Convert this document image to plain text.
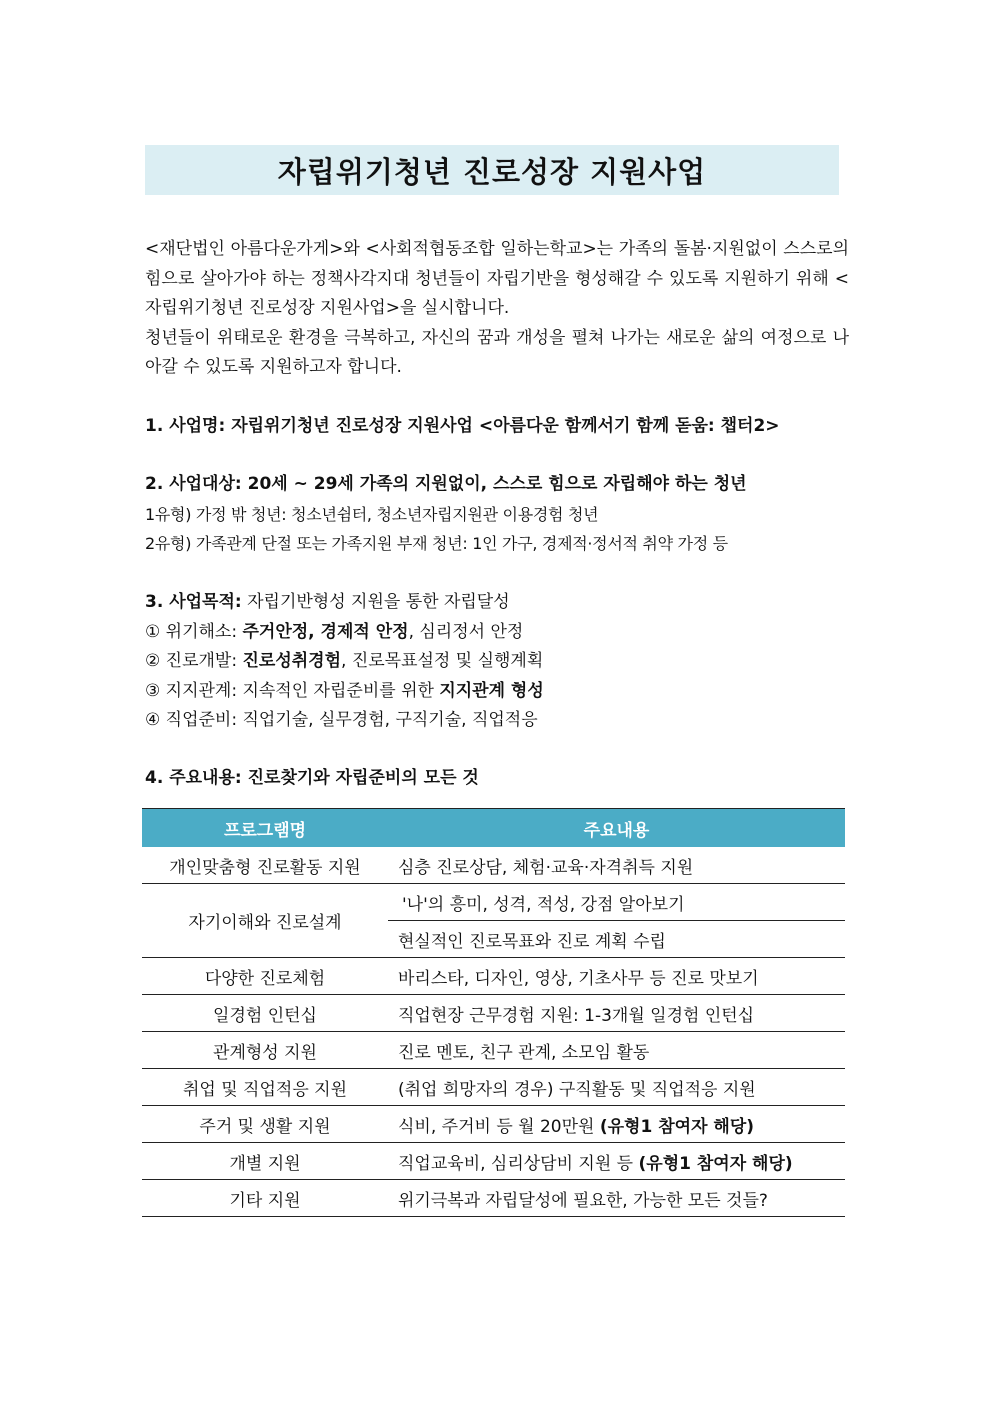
자립위기청년 진로성장 지원사업

<재단법인 아름다운가게>와 <사회적협동조합 일하는학교>는 가족의 돌봄·지원없이 스스로의 힘으로 살아가야 하는 정책사각지대 청년들이 자립기반을 형성해갈 수 있도록 지원하기 위해 <자립위기청년 진로성장 지원사업>을 실시합니다.

청년들이 위태로운 환경을 극복하고, 자신의 꿈과 개성을 펼쳐 나가는 새로운 삶의 여정으로 나아갈 수 있도록 지원하고자 합니다.

1. 사업명: 자립위기청년 진로성장 지원사업 <아름다운 함께서기 함께 돋움: 챕터2>

2. 사업대상: 20세 ~ 29세 가족의 지원없이, 스스로 힘으로 자립해야 하는 청년

1유형) 가정 밖 청년: 청소년쉼터, 청소년자립지원관 이용경험 청년

2유형) 가족관계 단절 또는 가족지원 부재 청년: 1인 가구, 경제적·정서적 취약 가정 등

3. 사업목적: 자립기반형성 지원을 통한 자립달성

① 위기해소: 주거안정, 경제적 안정, 심리정서 안정

② 진로개발: 진로성취경험, 진로목표설정 및 실행계획

③ 지지관계: 지속적인 자립준비를 위한 지지관계 형성

④ 직업준비: 직업기술, 실무경험, 구직기술, 직업적응

4. 주요내용: 진로찾기와 자립준비의 모든 것

프로그램명	주요내용
개인맞춤형 진로활동 지원	심층 진로상담, 체험·교육·자격취득 지원
자기이해와 진로설계	'나'의 흥미, 성격, 적성, 강점 알아보기
	현실적인 진로목표와 진로 계획 수립
다양한 진로체험	바리스타, 디자인, 영상, 기초사무 등 진로 맛보기
일경험 인턴십	직업현장 근무경험 지원: 1-3개월 일경험 인턴십
관계형성 지원	진로 멘토, 친구 관계, 소모임 활동
취업 및 직업적응 지원	(취업 희망자의 경우) 구직활동 및 직업적응 지원
주거 및 생활 지원	식비, 주거비 등 월 20만원 (유형1 참여자 해당)
개별 지원	직업교육비, 심리상담비 지원 등 (유형1 참여자 해당)
기타 지원	위기극복과 자립달성에 필요한, 가능한 모든 것들?
